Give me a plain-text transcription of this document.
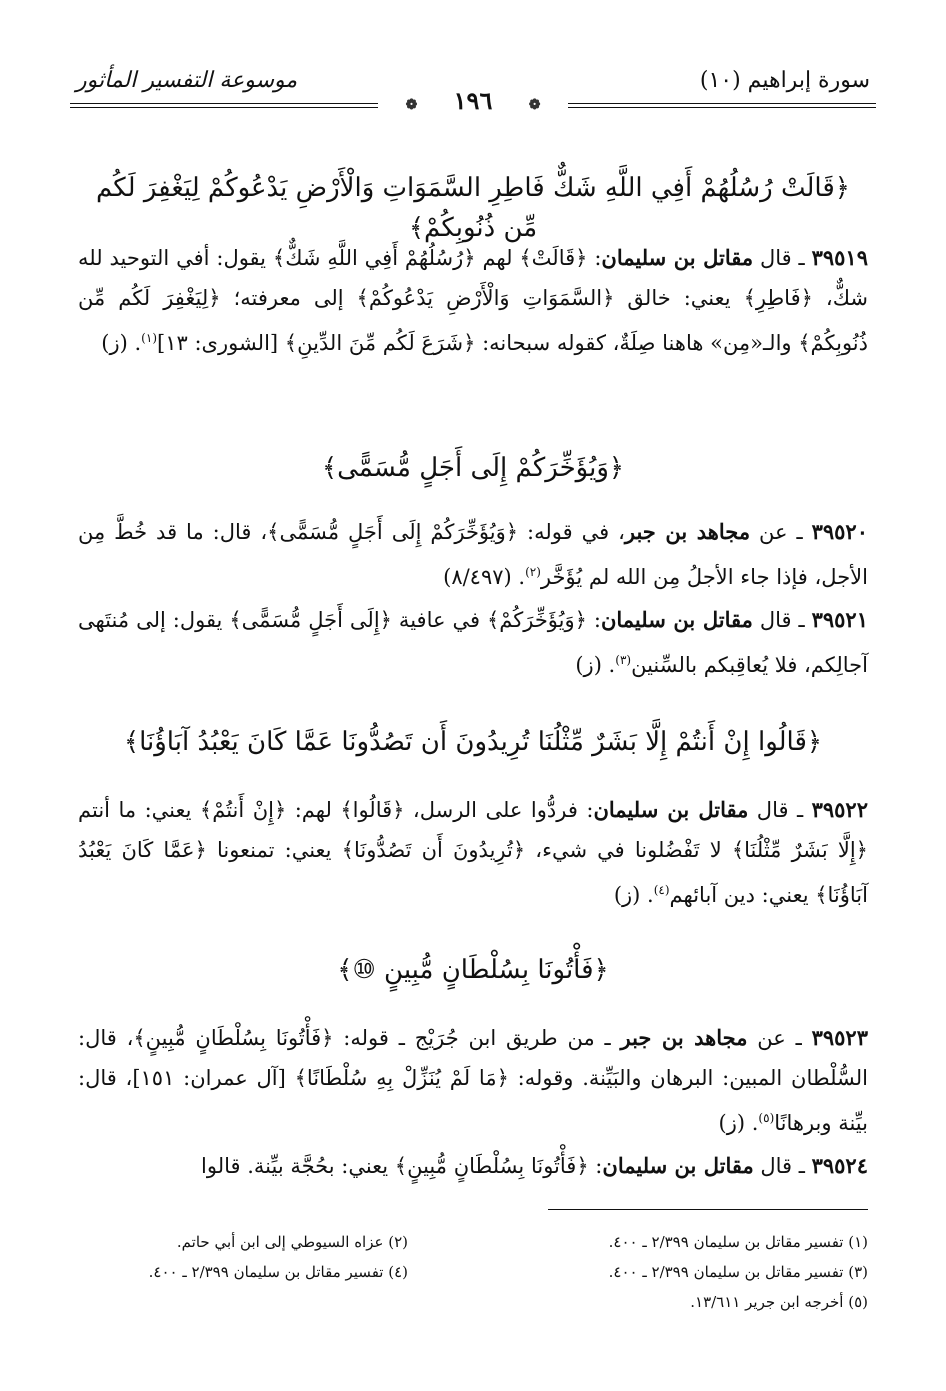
سورة إبراهيم (١٠)
موسوعة التفسير المأثور
❁ ١٩٦ ❁
﴿قَالَتْ رُسُلُهُمْ أَفِي اللَّهِ شَكٌّ فَاطِرِ السَّمَوَاتِ وَالْأَرْضِ يَدْعُوكُمْ لِيَغْفِرَ لَكُم مِّن ذُنُوبِكُمْ﴾
٣٩٥١٩ ـ قال مقاتل بن سليمان: ﴿قَالَتْ﴾ لهم ﴿رُسُلُهُمْ أَفِي اللَّهِ شَكٌّ﴾ يقول: أفي التوحيد لله شكٌّ، ﴿فَاطِرِ﴾ يعني: خالق ﴿السَّمَوَاتِ وَالْأَرْضِ يَدْعُوكُمْ﴾ إلى معرفته؛ ﴿لِيَغْفِرَ لَكُم مِّن ذُنُوبِكُمْ﴾ والـ«مِن» هاهنا صِلَةٌ، كقوله سبحانه: ﴿شَرَعَ لَكُم مِّنَ الدِّينِ﴾ [الشورى: ١٣]$^{(١)}$. (ز)
﴿وَيُؤَخِّرَكُمْ إِلَى أَجَلٍ مُّسَمًّى﴾
٣٩٥٢٠ ـ عن مجاهد بن جبر، في قوله: ﴿وَيُؤَخِّرَكُمْ إِلَى أَجَلٍ مُّسَمًّى﴾، قال: ما قد خُطَّ مِن الأجل، فإذا جاء الأجلُ مِن الله لم يُؤَخَّر$^{(٢)}$. (٨/٤٩٧)
٣٩٥٢١ ـ قال مقاتل بن سليمان: ﴿وَيُؤَخِّرَكُمْ﴾ في عافية ﴿إِلَى أَجَلٍ مُّسَمًّى﴾ يقول: إلى مُنتَهى آجالِكم، فلا يُعاقِبكم بالسِّنين$^{(٣)}$. (ز)
﴿قَالُوا إِنْ أَنتُمْ إِلَّا بَشَرٌ مِّثْلُنَا تُرِيدُونَ أَن تَصُدُّونَا عَمَّا كَانَ يَعْبُدُ آبَاؤُنَا﴾
٣٩٥٢٢ ـ قال مقاتل بن سليمان: فردُّوا على الرسل، ﴿قَالُوا﴾ لهم: ﴿إِنْ أَنتُمْ﴾ يعني: ما أنتم ﴿إِلَّا بَشَرٌ مِّثْلُنَا﴾ لا تَفْضُلونا في شيء، ﴿تُرِيدُونَ أَن تَصُدُّونَا﴾ يعني: تمنعونا ﴿عَمَّا كَانَ يَعْبُدُ آبَاؤُنَا﴾ يعني: دين آبائهم$^{(٤)}$. (ز)
﴿فَأْتُونَا بِسُلْطَانٍ مُّبِينٍ ⑩﴾
٣٩٥٢٣ ـ عن مجاهد بن جبر ـ من طريق ابن جُرَيْج ـ قوله: ﴿فَأْتُونَا بِسُلْطَانٍ مُّبِينٍ﴾، قال: السُّلْطان المبين: البرهان والبَيِّنة. وقوله: ﴿مَا لَمْ يُنَزِّلْ بِهِ سُلْطَانًا﴾ [آل عمران: ١٥١]، قال: بيِّنة وبرهانًا$^{(٥)}$. (ز)
٣٩٥٢٤ ـ قال مقاتل بن سليمان: ﴿فَأْتُونَا بِسُلْطَانٍ مُّبِينٍ﴾ يعني: بحُجَّة بيِّنة. قالوا
(١) تفسير مقاتل بن سليمان ٢/٣٩٩ ـ ٤٠٠.
(٢) عزاه السيوطي إلى ابن أبي حاتم.
(٣) تفسير مقاتل بن سليمان ٢/٣٩٩ ـ ٤٠٠.
(٤) تفسير مقاتل بن سليمان ٢/٣٩٩ ـ ٤٠٠.
(٥) أخرجه ابن جرير ١٣/٦١١.
